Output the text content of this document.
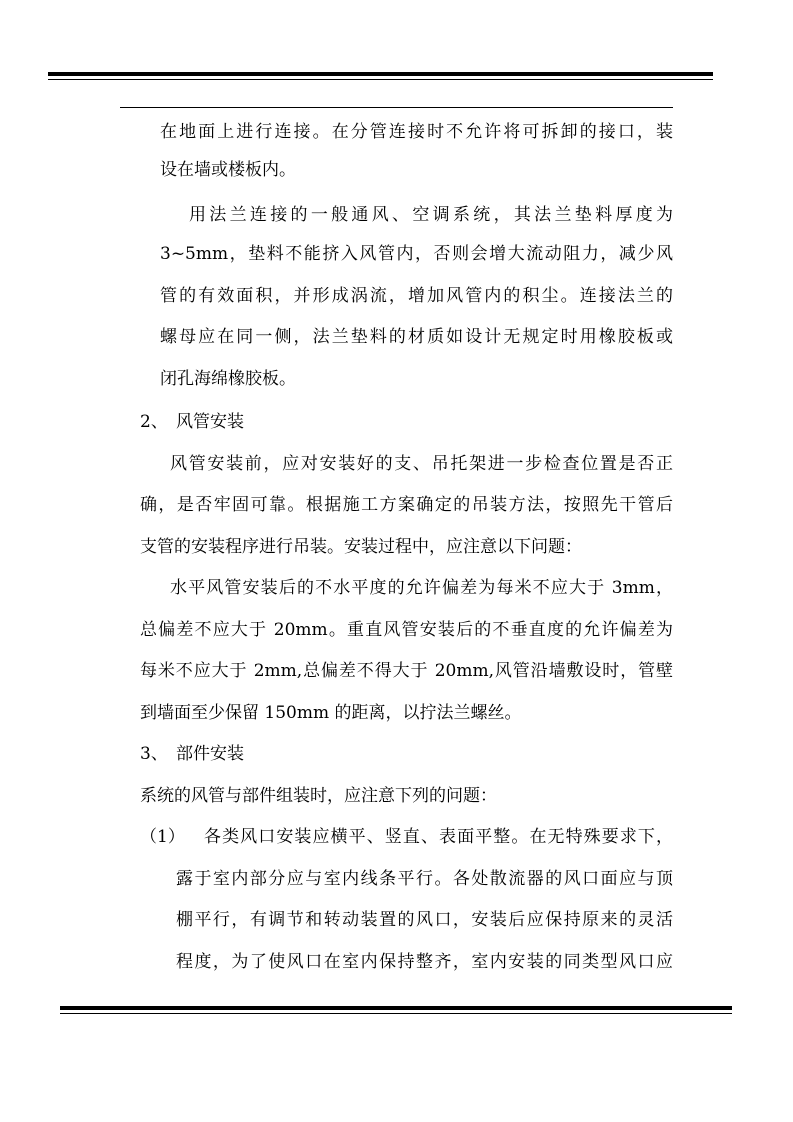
在地面上进行连接。在分管连接时不允许将可拆卸的接口，装
设在墙或楼板内。
用法兰连接的一般通风、空调系统，其法兰垫料厚度为
3~5mm，垫料不能挤入风管内，否则会增大流动阻力，减少风
管的有效面积，并形成涡流，增加风管内的积尘。连接法兰的
螺母应在同一侧，法兰垫料的材质如设计无规定时用橡胶板或
闭孔海绵橡胶板。
2、 风管安装
风管安装前，应对安装好的支、吊托架进一步检查位置是否正
确，是否牢固可靠。根据施工方案确定的吊装方法，按照先干管后
支管的安装程序进行吊装。安装过程中，应注意以下问题：
水平风管安装后的不水平度的允许偏差为每米不应大于 3mm，
总偏差不应大于 20mm。重直风管安装后的不垂直度的允许偏差为
每米不应大于 2mm,总偏差不得大于 20mm,风管沿墙敷设时，管壁
到墙面至少保留 150mm 的距离，以拧法兰螺丝。
3、 部件安装
系统的风管与部件组装时，应注意下列的问题：
（1） 各类风口安装应横平、竖直、表面平整。在无特殊要求下，
露于室内部分应与室内线条平行。各处散流器的风口面应与顶
棚平行，有调节和转动装置的风口，安装后应保持原来的灵活
程度，为了使风口在室内保持整齐，室内安装的同类型风口应
